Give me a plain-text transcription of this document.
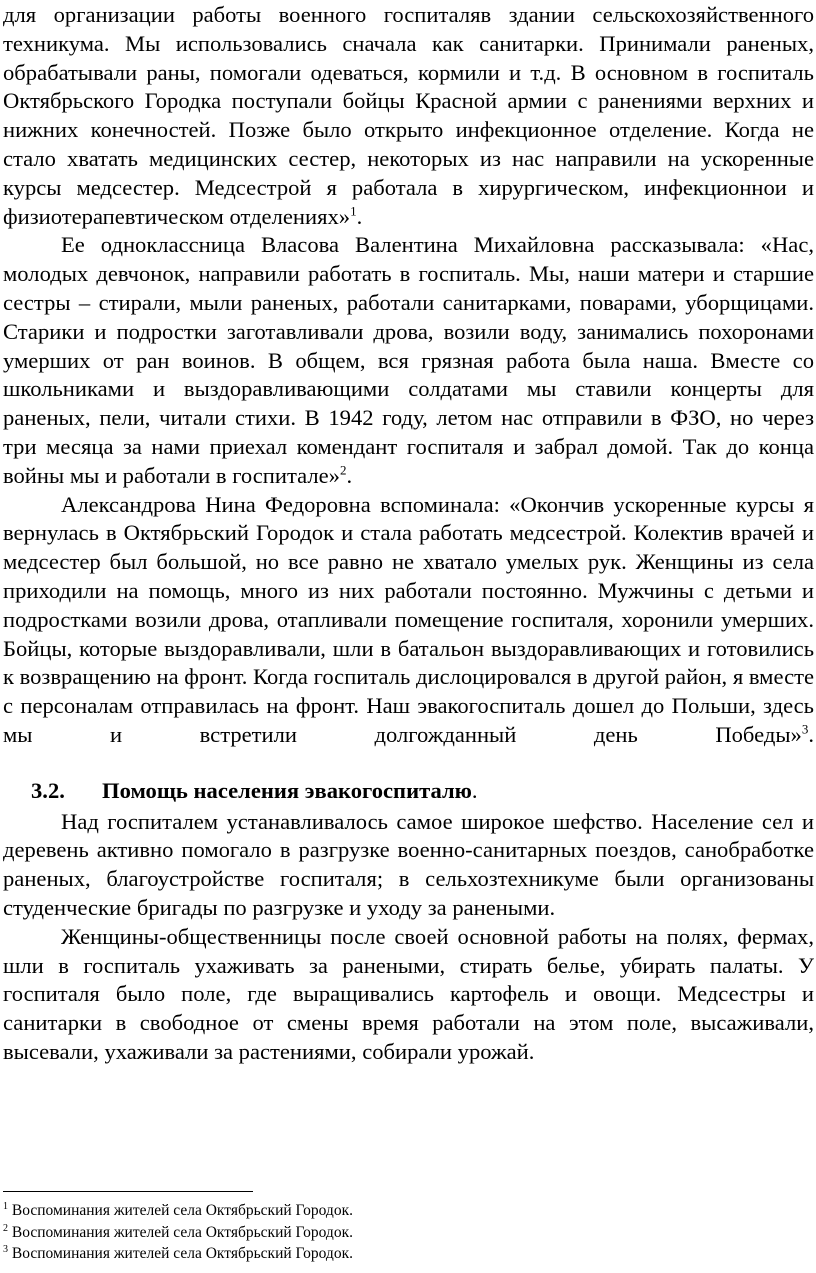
для организации работы военного госпиталяв здании сельскохозяйственного техникума. Мы использовались сначала как санитарки. Принимали раненых, обрабатывали раны, помогали одеваться, кормили и т.д. В основном в госпиталь Октябрьского Городка поступали бойцы Красной армии с ранениями верхних и нижних конечностей. Позже было открыто инфекционное отделение. Когда не стало хватать медицинских сестер, некоторых из нас направили на ускоренные курсы медсестер. Медсестрой я работала в хирургическом, инфекционнои и физиотерапевтическом отделениях»$^1$.

Ее одноклассница Власова Валентина Михайловна рассказывала: «Нас, молодых девчонок, направили работать в госпиталь. Мы, наши матери и старшие сестры – стирали, мыли раненых, работали санитарками, поварами, уборщицами. Старики и подростки заготавливали дрова, возили воду, занимались похоронами умерших от ран воинов. В общем, вся грязная работа была наша. Вместе со школьниками и выздоравливающими солдатами мы ставили концерты для раненых, пели, читали стихи. В 1942 году, летом нас отправили в ФЗО, но через три месяца за нами приехал комендант госпиталя и забрал домой. Так до конца войны мы и работали в госпитале»$^2$.

Александрова Нина Федоровна вспоминала: «Окончив ускоренные курсы я вернулась в Октябрьский Городок и стала работать медсестрой. Колектив врачей и медсестер был большой, но все равно не хватало умелых рук. Женщины из села приходили на помощь, много из них работали постоянно. Мужчины с детьми и подростками возили дрова, отапливали помещение госпиталя, хоронили умерших. Бойцы, которые выздоравливали, шли в батальон выздоравливающих и готовились к возвращению на фронт. Когда госпиталь дислоцировался в другой район, я вместе с персоналам отправилась на фронт. Наш эвакогоспиталь дошел до Польши, здесь мы и встретили долгожданный день Победы»$^3$.

3.2.	Помощь населения эвакогоспиталю.

Над госпиталем устанавливалось самое широкое шефство. Население сел и деревень активно помогало в разгрузке военно-санитарных поездов, санобработке раненых, благоустройстве госпиталя; в сельхозтехникуме были организованы студенческие бригады по разгрузке и уходу за ранеными.

Женщины-общественницы после своей основной работы на полях, фермах, шли в госпиталь ухаживать за ранеными, стирать белье, убирать палаты. У госпиталя было поле, где выращивались картофель и овощи. Медсестры и санитарки в свободное от смены время работали на этом поле, высаживали, высевали, ухаживали за растениями, собирали урожай.

$^1$ Воспоминания жителей села Октябрьский Городок.

$^2$ Воспоминания жителей села Октябрьский Городок.

$^3$ Воспоминания жителей села Октябрьский Городок.
